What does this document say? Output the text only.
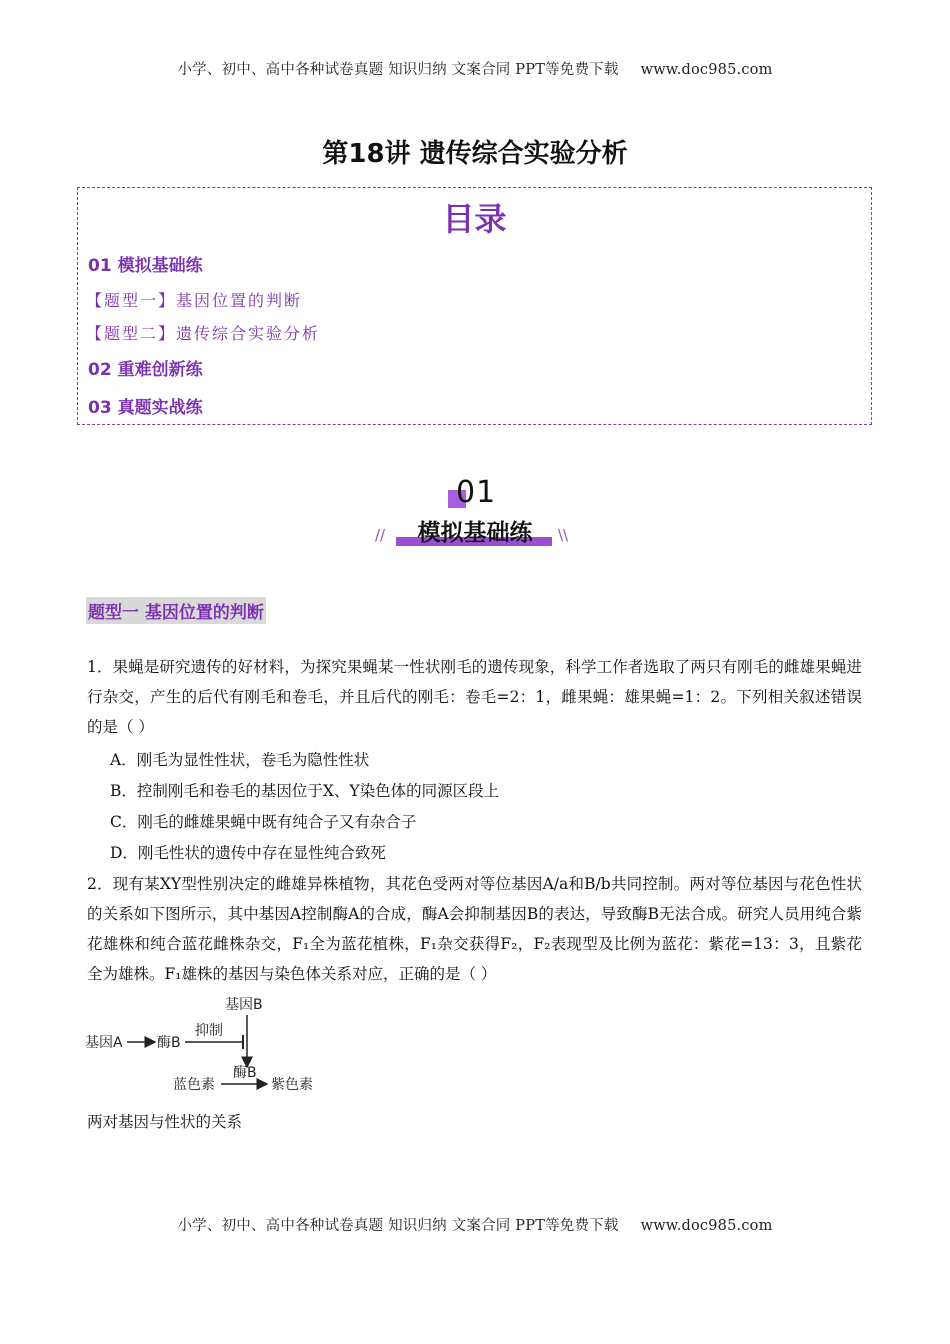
小学、初中、高中各种试卷真题 知识归纳 文案合同 PPT等免费下载 www.doc985.com
第18讲 遗传综合实验分析
目录
01 模拟基础练
【题型一】基因位置的判断
【题型二】遗传综合实验分析
02 重难创新练
03 真题实战练
01
模拟基础练
//	\\
题型一 基因位置的判断
1．果蝇是研究遗传的好材料，为探究果蝇某一性状刚毛的遗传现象，科学工作者选取了两只有刚毛的雌雄果蝇进行杂交，产生的后代有刚毛和卷毛，并且后代的刚毛：卷毛=2：1，雌果蝇：雄果蝇=1：2。下列相关叙述错误的是（ ）
A．刚毛为显性性状，卷毛为隐性性状
B．控制刚毛和卷毛的基因位于X、Y染色体的同源区段上
C．刚毛的雌雄果蝇中既有纯合子又有杂合子
D．刚毛性状的遗传中存在显性纯合致死
2．现有某XY型性别决定的雌雄异株植物，其花色受两对等位基因A/a和B/b共同控制。两对等位基因与花色性状的关系如下图所示，其中基因A控制酶A的合成，酶A会抑制基因B的表达，导致酶B无法合成。研究人员用纯合紫花雄株和纯合蓝花雌株杂交，F₁全为蓝花植株，F₁杂交获得F₂，F₂表现型及比例为蓝花：紫花=13：3，且紫花全为雄株。F₁雄株的基因与染色体关系对应，正确的是（ ）
基因B
基因A 酶B
抑制
蓝色素
酶B
紫色素
两对基因与性状的关系
小学、初中、高中各种试卷真题 知识归纳 文案合同 PPT等免费下载 www.doc985.com
